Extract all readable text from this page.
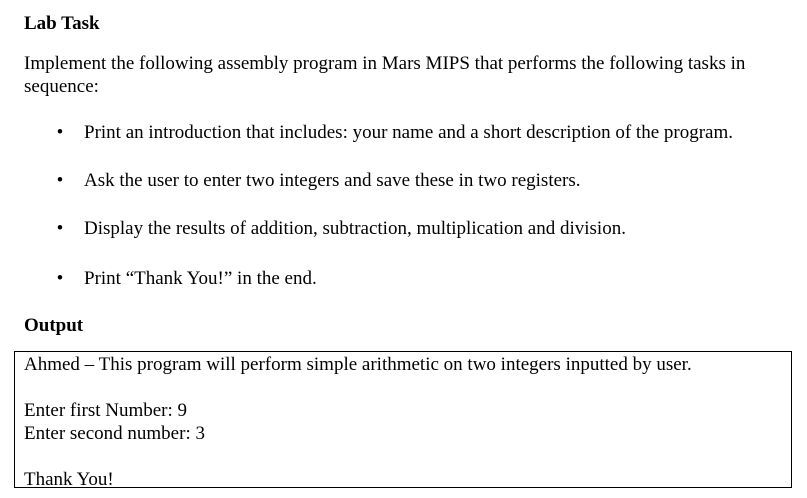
Lab Task

Implement the following assembly program in Mars MIPS that performs the following tasks in sequence:

• Print an introduction that includes: your name and a short description of the program.
• Ask the user to enter two integers and save these in two registers.
• Display the results of addition, subtraction, multiplication and division.
• Print “Thank You!” in the end.
Output
Ahmed – This program will perform simple arithmetic on two integers inputted by user.
Enter first Number: 9
Enter second number: 3
Thank You!
